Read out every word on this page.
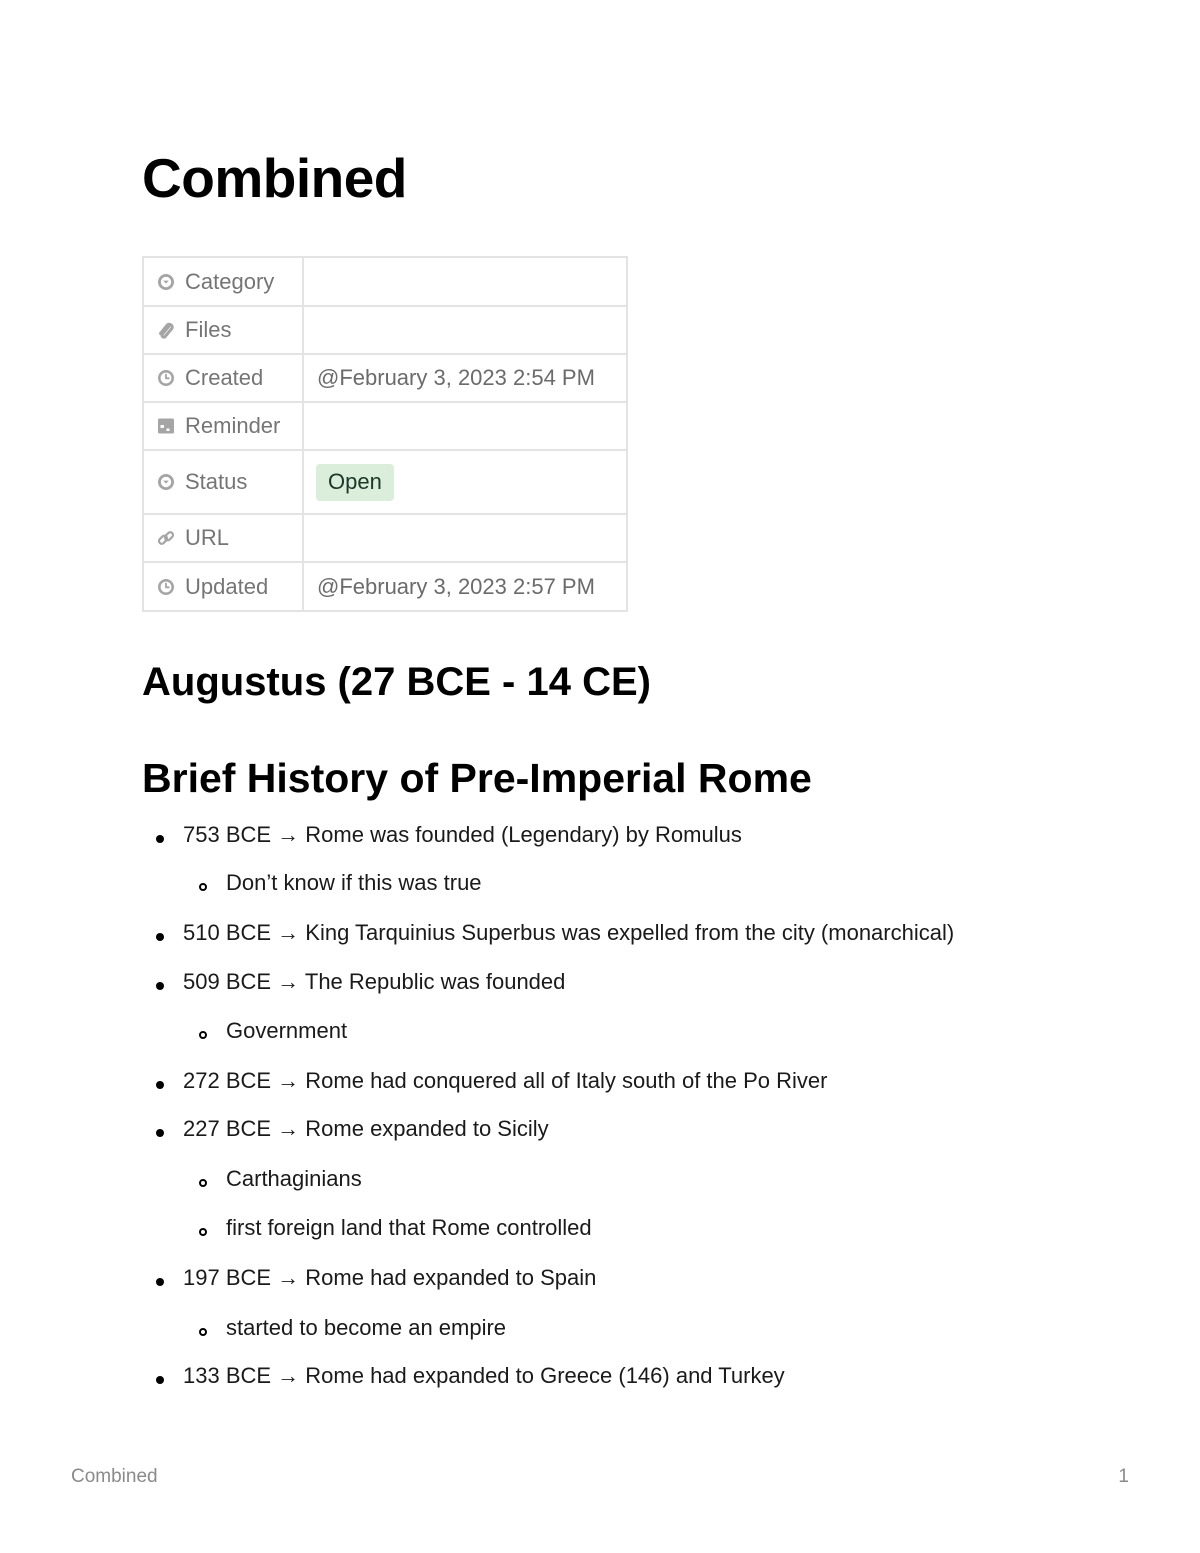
Combined
Category	
Files	
Created	@February 3, 2023 2:54 PM
Reminder	
Status	Open
URL	
Updated	@February 3, 2023 2:57 PM
Augustus (27 BCE - 14 CE)
Brief History of Pre-Imperial Rome
753 BCE → Rome was founded (Legendary) by Romulus
Don’t know if this was true
510 BCE → King Tarquinius Superbus was expelled from the city (monarchical)
509 BCE → The Republic was founded
Government
272 BCE → Rome had conquered all of Italy south of the Po River
227 BCE → Rome expanded to Sicily
Carthaginians
first foreign land that Rome controlled
197 BCE → Rome had expanded to Spain
started to become an empire
133 BCE → Rome had expanded to Greece (146) and Turkey
Combined	1
